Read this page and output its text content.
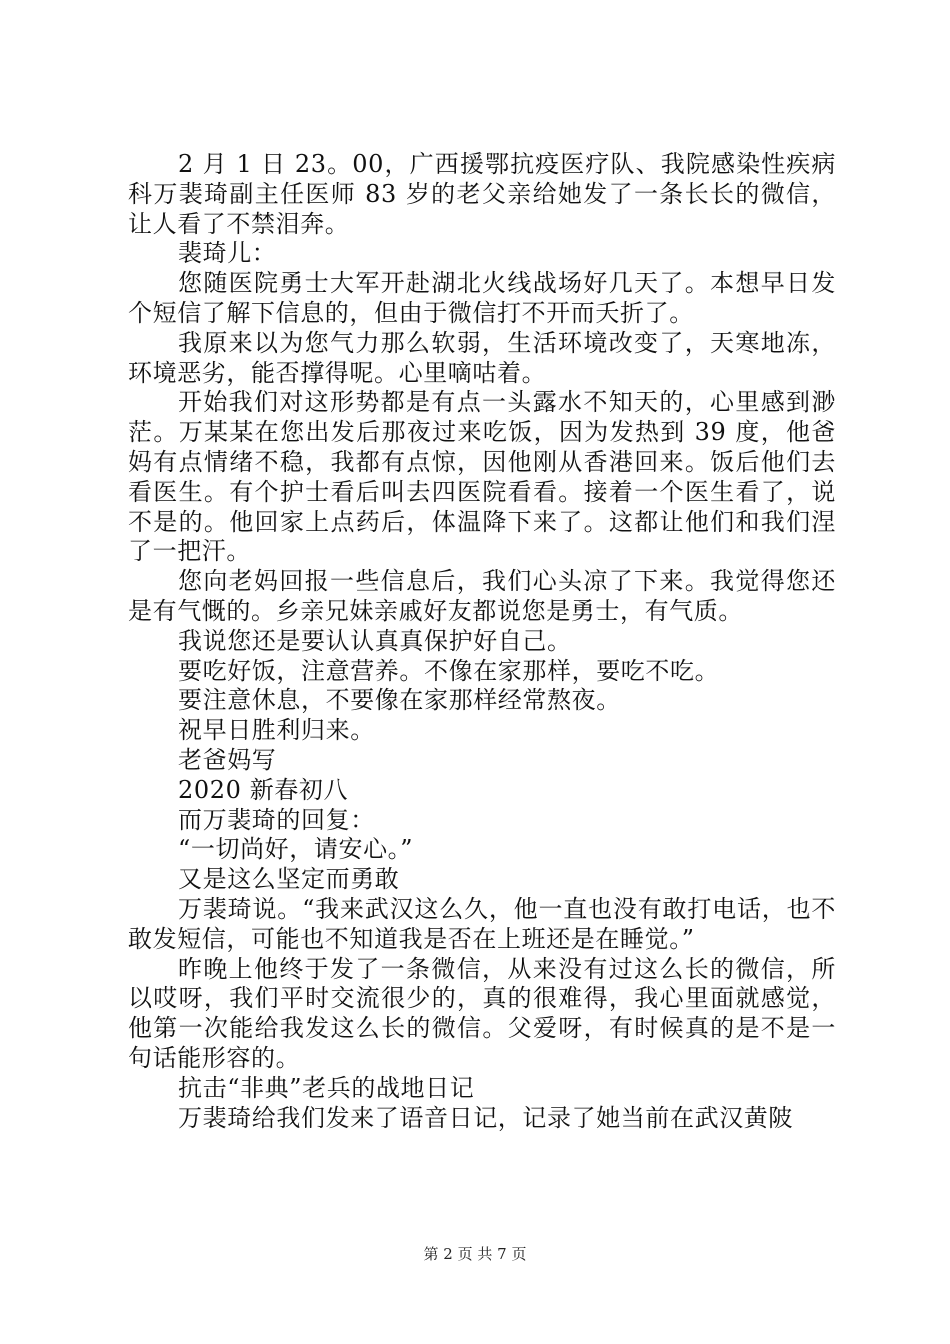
2 月 1 日 23。00，广西援鄂抗疫医疗队、我院感染性疾病科万裴琦副主任医师 83 岁的老父亲给她发了一条长长的微信，让人看了不禁泪奔。

裴琦儿：

您随医院勇士大军开赴湖北火线战场好几天了。本想早日发个短信了解下信息的，但由于微信打不开而夭折了。

我原来以为您气力那么软弱，生活环境改变了，天寒地冻，环境恶劣，能否撑得呢。心里嘀咕着。

开始我们对这形势都是有点一头露水不知天的，心里感到渺茫。万某某在您出发后那夜过来吃饭，因为发热到 39 度，他爸妈有点情绪不稳，我都有点惊，因他刚从香港回来。饭后他们去看医生。有个护士看后叫去四医院看看。接着一个医生看了，说不是的。他回家上点药后，体温降下来了。这都让他们和我们涅了一把汗。

您向老妈回报一些信息后，我们心头凉了下来。我觉得您还是有气慨的。乡亲兄妹亲戚好友都说您是勇士，有气质。

我说您还是要认认真真保护好自己。

要吃好饭，注意营养。不像在家那样，要吃不吃。

要注意休息，不要像在家那样经常熬夜。

祝早日胜利归来。

老爸妈写

2020 新春初八

而万裴琦的回复：

“一切尚好，请安心。”

又是这么坚定而勇敢

万裴琦说。“我来武汉这么久，他一直也没有敢打电话，也不敢发短信，可能也不知道我是否在上班还是在睡觉。”

昨晚上他终于发了一条微信，从来没有过这么长的微信，所以哎呀，我们平时交流很少的，真的很难得，我心里面就感觉，他第一次能给我发这么长的微信。父爱呀，有时候真的是不是一句话能形容的。

抗击“非典”老兵的战地日记

万裴琦给我们发来了语音日记，记录了她当前在武汉黄陂

第 2 页 共 7 页
